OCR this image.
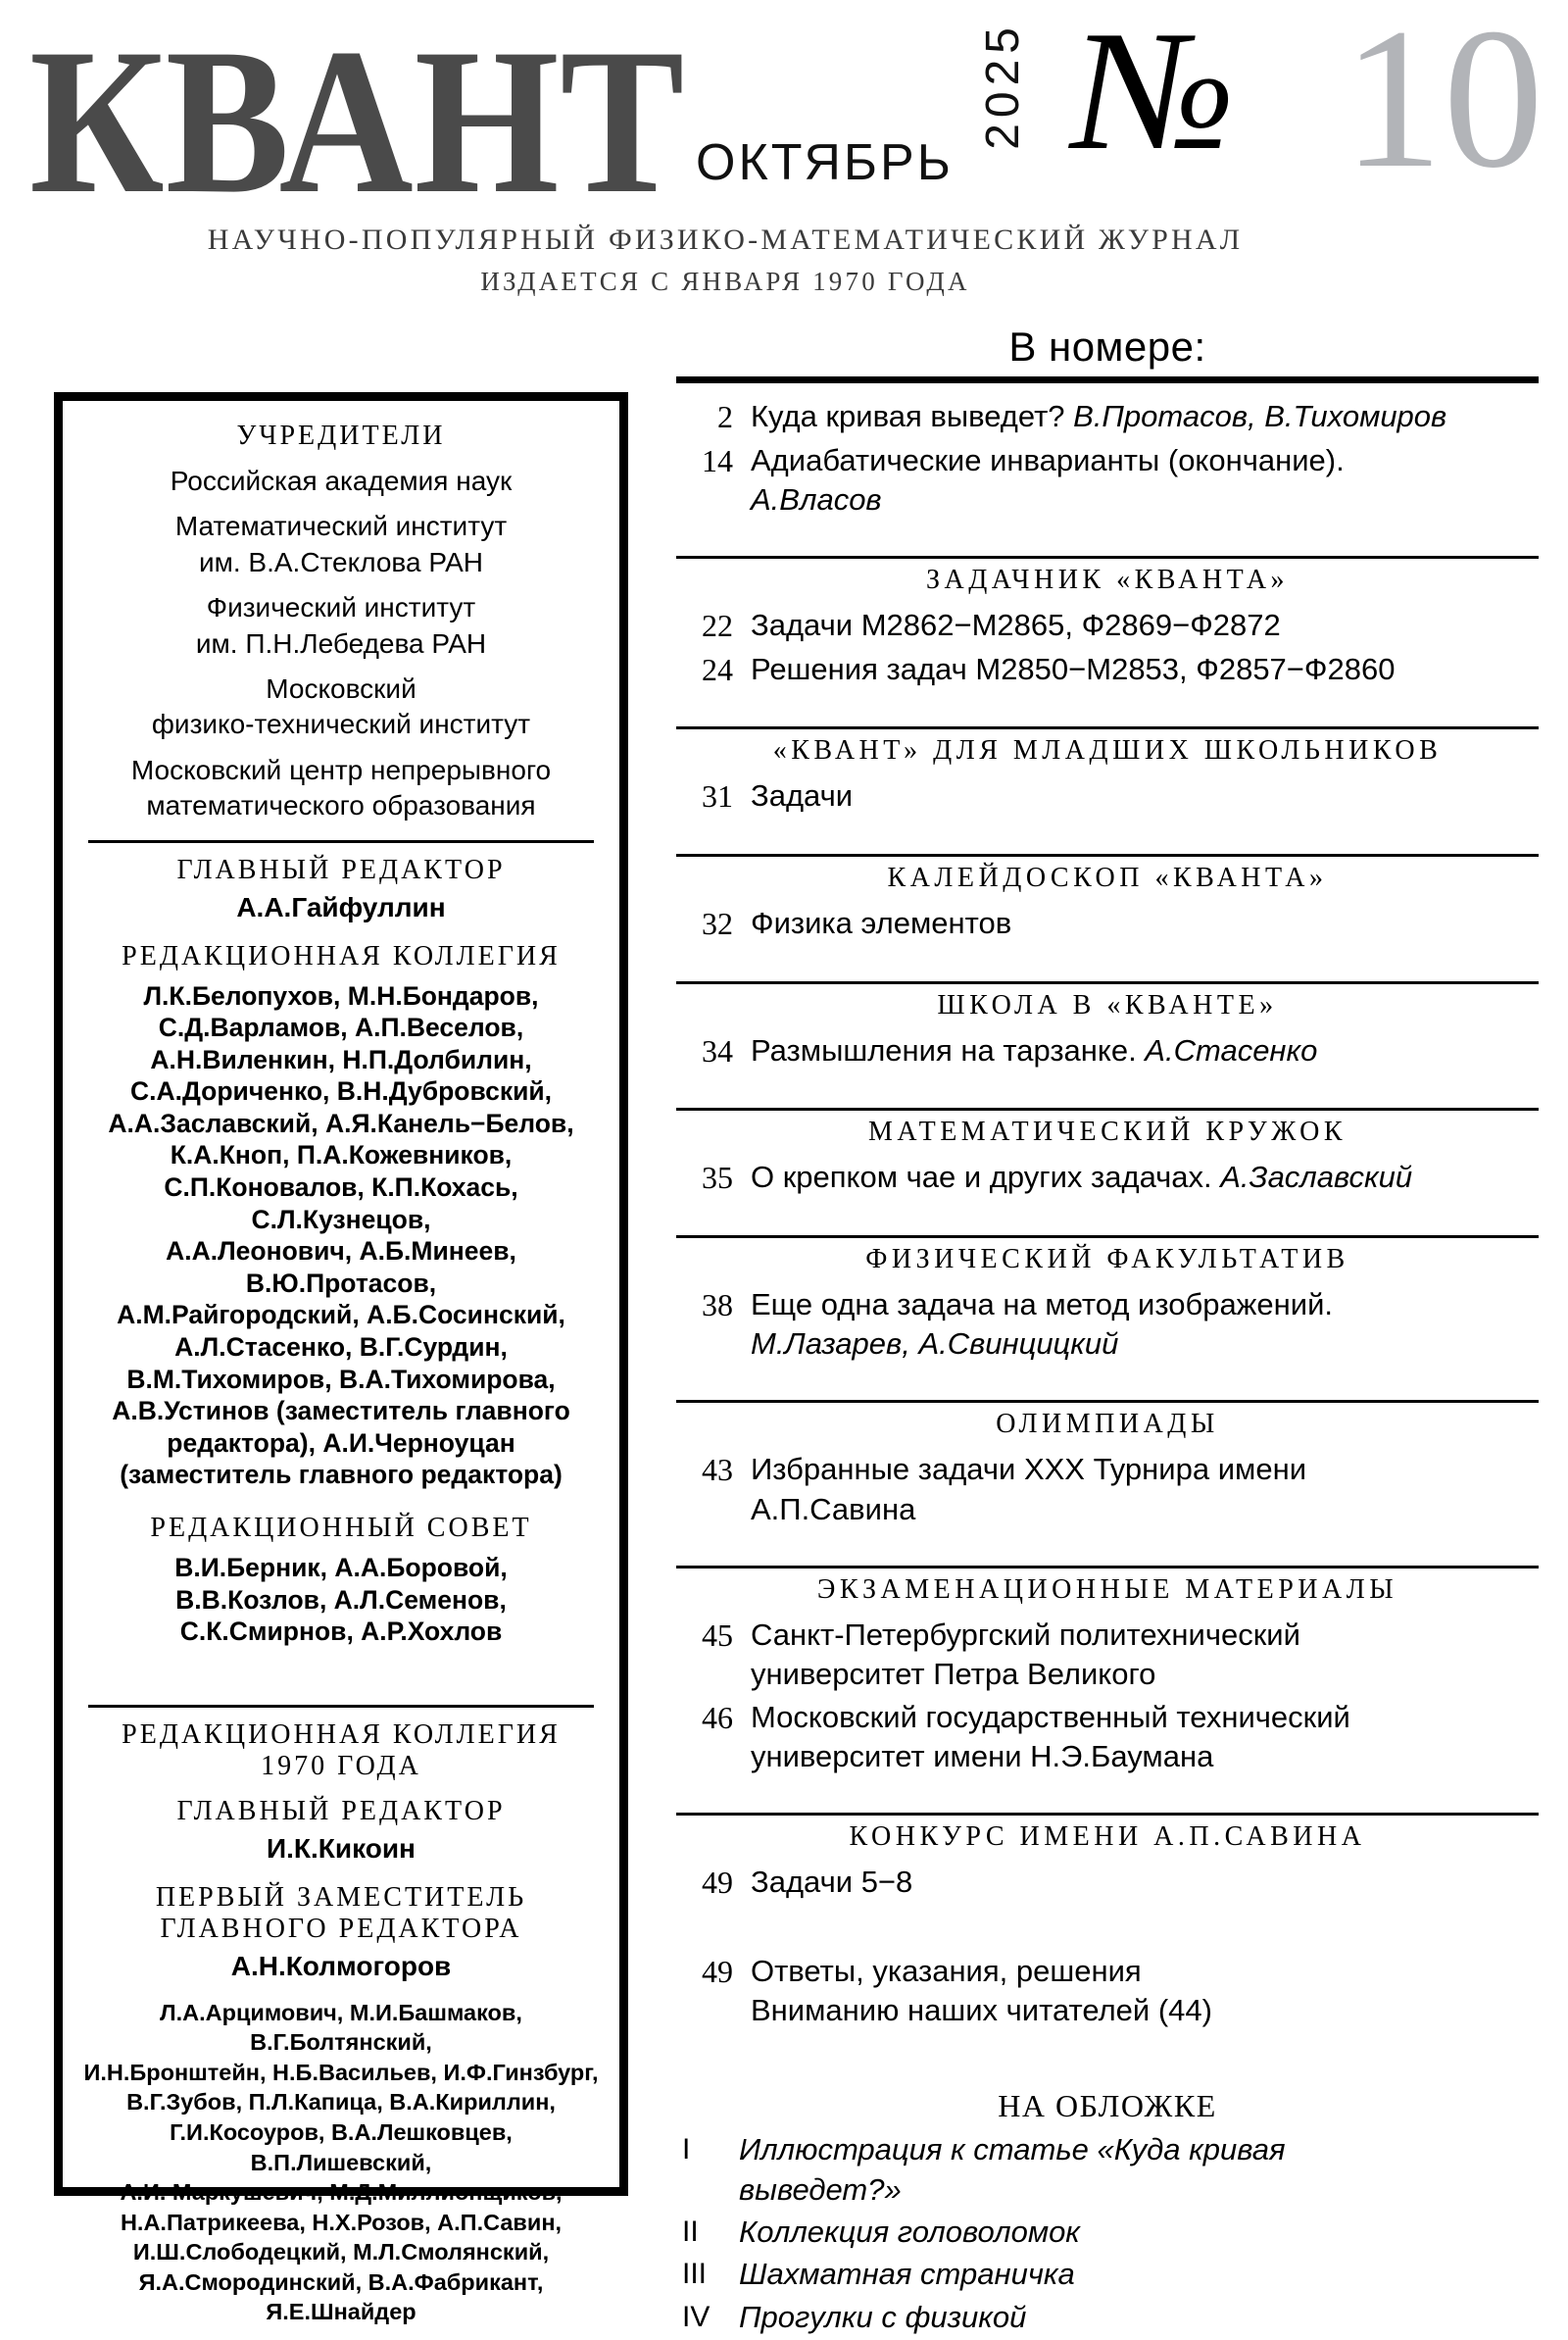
КВАНТ ОКТЯБРЬ
2025 № 10
НАУЧНО-ПОПУЛЯРНЫЙ ФИЗИКО-МАТЕМАТИЧЕСКИЙ ЖУРНАЛ
ИЗДАЕТСЯ С ЯНВАРЯ 1970 ГОДА
В номере:
УЧРЕДИТЕЛИ
Российская академия наук
Математический институт
им. В.А.Стеклова РАН
Физический институт
им. П.Н.Лебедева РАН
Московский
физико-технический институт
Московский центр непрерывного
математического образования
ГЛАВНЫЙ РЕДАКТОР
А.А.Гайфуллин
РЕДАКЦИОННАЯ КОЛЛЕГИЯ
Л.К.Белопухов, М.Н.Бондаров,
С.Д.Варламов, А.П.Веселов,
А.Н.Виленкин, Н.П.Долбилин,
С.А.Дориченко, В.Н.Дубровский,
А.А.Заславский, А.Я.Канель−Белов,
К.А.Кноп, П.А.Кожевников,
С.П.Коновалов, К.П.Кохась, С.Л.Кузнецов,
А.А.Леонович, А.Б.Минеев, В.Ю.Протасов,
А.М.Райгородский, А.Б.Сосинский,
А.Л.Стасенко, В.Г.Сурдин,
В.М.Тихомиров, В.А.Тихомирова,
А.В.Устинов (заместитель главного
редактора), А.И.Черноуцан
(заместитель главного редактора)
РЕДАКЦИОННЫЙ СОВЕТ
В.И.Берник, А.А.Боровой,
В.В.Козлов, А.Л.Семенов,
С.К.Смирнов, А.Р.Хохлов
РЕДАКЦИОННАЯ КОЛЛЕГИЯ
1970 ГОДА
ГЛАВНЫЙ РЕДАКТОР
И.К.Кикоин
ПЕРВЫЙ ЗАМЕСТИТЕЛЬ
ГЛАВНОГО РЕДАКТОРА
А.Н.Колмогоров
Л.А.Арцимович, М.И.Башмаков, В.Г.Болтянский,
И.Н.Бронштейн, Н.Б.Васильев, И.Ф.Гинзбург,
В.Г.Зубов, П.Л.Капица, В.А.Кириллин,
Г.И.Косоуров, В.А.Лешковцев, В.П.Лишевский,
А.И. Маркушевич, М.Д.Миллионщиков,
Н.А.Патрикеева, Н.Х.Розов, А.П.Савин,
И.Ш.Слободецкий, М.Л.Смолянский,
Я.А.Смородинский, В.А.Фабрикант, Я.Е.Шнайдер
2 Куда кривая выведет? В.Протасов, В.Тихомиров
14 Адиабатические инварианты (окончание).
А.Власов
ЗАДАЧНИК «КВАНТА»
22 Задачи М2862−М2865, Ф2869−Ф2872
24 Решения задач М2850−М2853, Ф2857−Ф2860
«КВАНТ» ДЛЯ МЛАДШИХ ШКОЛЬНИКОВ
31 Задачи
КАЛЕЙДОСКОП «КВАНТА»
32 Физика элементов
ШКОЛА В «КВАНТЕ»
34 Размышления на тарзанке. А.Стасенко
МАТЕМАТИЧЕСКИЙ КРУЖОК
35 О крепком чае и других задачах. А.Заславский
ФИЗИЧЕСКИЙ ФАКУЛЬТАТИВ
38 Еще одна задача на метод изображений.
М.Лазарев, А.Свинцицкий
ОЛИМПИАДЫ
43 Избранные задачи XXX Турнира имени
А.П.Савина
ЭКЗАМЕНАЦИОННЫЕ МАТЕРИАЛЫ
45 Санкт-Петербургский политехнический
университет Петра Великого
46 Московский государственный технический
университет имени Н.Э.Баумана
КОНКУРС ИМЕНИ А.П.САВИНА
49 Задачи 5−8
49 Ответы, указания, решения
Вниманию наших читателей (44)
НА ОБЛОЖКЕ
I	Иллюстрация к статье «Куда кривая
выведет?»
II	Коллекция головоломок
III	Шахматная страничка
IV Прогулки с физикой
